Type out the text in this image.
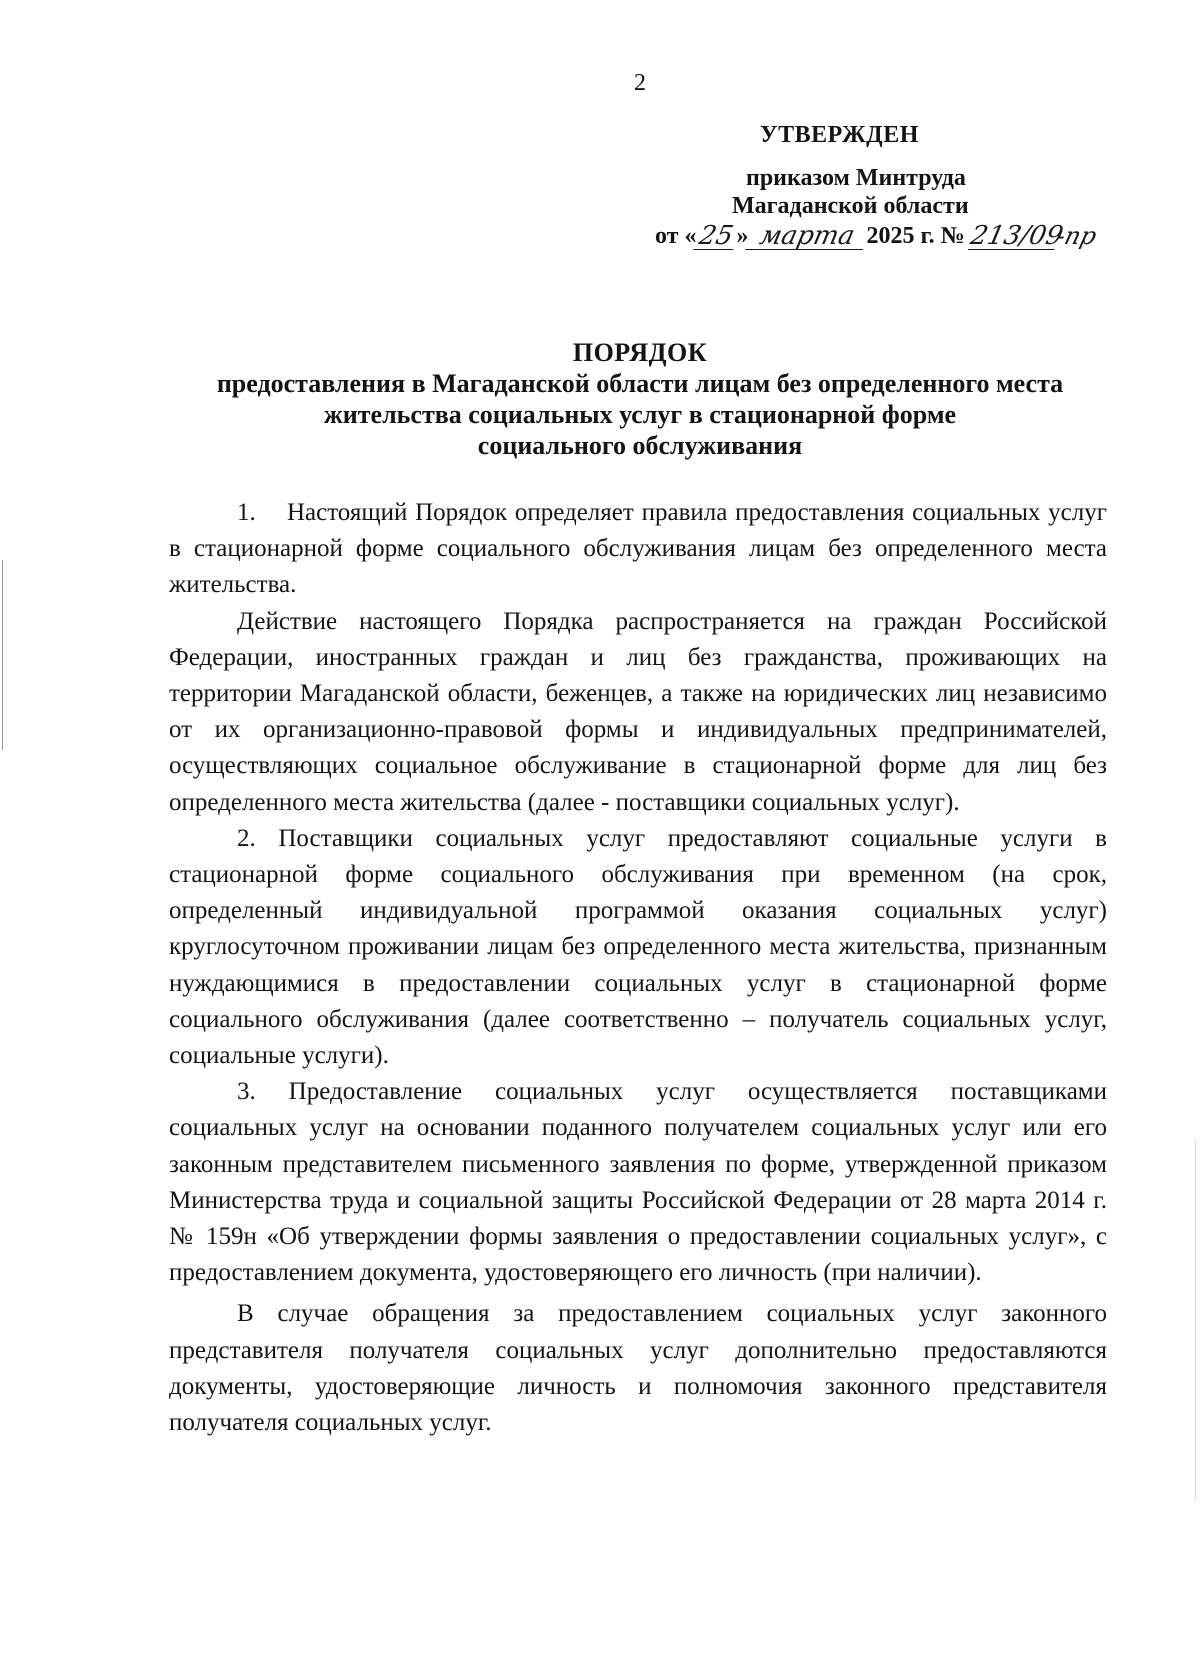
2
УТВЕРЖДЕН
приказом Минтруда
Магаданской области
от « 25 » марта 2025 г. № 213/09
-пр
ПОРЯДОК
предоставления в Магаданской области лицам без определенного места
жительства социальных услуг в стационарной форме
социального обслуживания

1.    Настоящий Порядок определяет правила предоставления социальных услуг в стационарной форме социального обслуживания лицам без определенного места жительства.

Действие настоящего Порядка распространяется на граждан Российской Федерации, иностранных граждан и лиц без гражданства, проживающих на территории Магаданской области, беженцев, а также на юридических лиц независимо от их организационно-правовой формы и индивидуальных предпринимателей, осуществляющих социальное обслуживание в стационарной форме для лиц без определенного места жительства (далее - поставщики социальных услуг).

2. Поставщики социальных услуг предоставляют социальные услуги в стационарной форме социального обслуживания при временном (на срок, определенный индивидуальной программой оказания социальных услуг) круглосуточном проживании лицам без определенного места жительства, признанным нуждающимися в предоставлении социальных услуг в стационарной форме социального обслуживания (далее соответственно – получатель социальных услуг, социальные услуги).

3. Предоставление социальных услуг осуществляется поставщиками социальных услуг на основании поданного получателем социальных услуг или его законным представителем письменного заявления по форме, утвержденной приказом Министерства труда и социальной защиты Российской Федерации от 28 марта 2014 г. № 159н «Об утверждении формы заявления о предоставлении социальных услуг», с предоставлением документа, удостоверяющего его личность (при наличии).

В случае обращения за предоставлением социальных услуг законного представителя получателя социальных услуг дополнительно предоставляются документы, удостоверяющие личность и полномочия законного представителя получателя социальных услуг.
